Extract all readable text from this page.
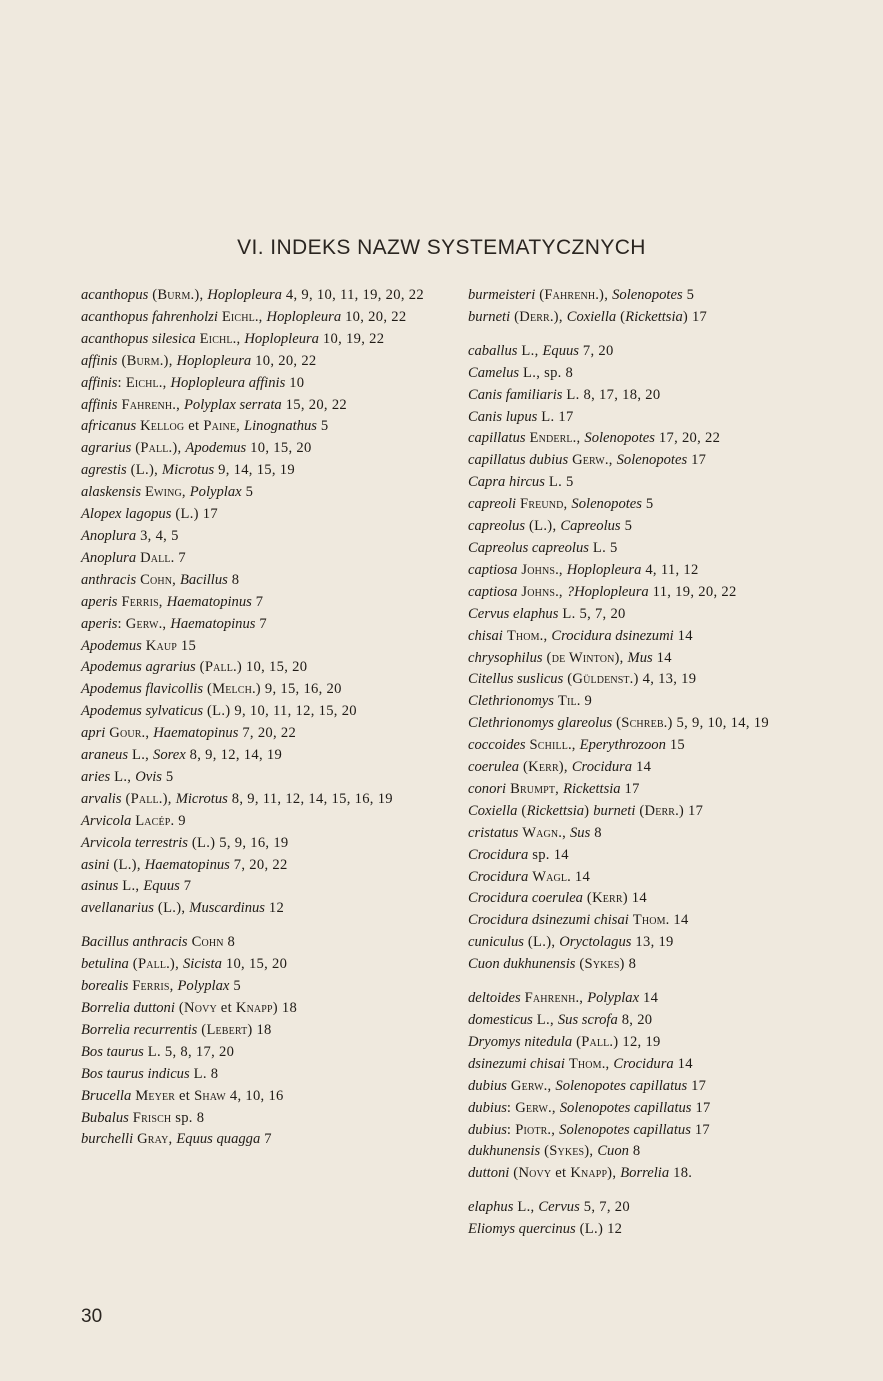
VI. INDEKS NAZW SYSTEMATYCZNYCH
acanthopus (Burm.), Hoplopleura 4, 9, 10, 11, 19, 20, 22
acanthopus fahrenholzi Eichl., Hoplopleura 10, 20, 22
acanthopus silesica Eichl., Hoplopleura 10, 19, 22
affinis (Burm.), Hoplopleura 10, 20, 22
affinis: Eichl., Hoplopleura affinis 10
affinis Fahrenh., Polyplax serrata 15, 20, 22
africanus Kellog et Paine, Linognathus 5
agrarius (Pall.), Apodemus 10, 15, 20
agrestis (L.), Microtus 9, 14, 15, 19
alaskensis Ewing, Polyplax 5
Alopex lagopus (L.) 17
Anoplura 3, 4, 5
Anoplura Dall. 7
anthracis Cohn, Bacillus 8
aperis Ferris, Haematopinus 7
aperis: Gerw., Haematopinus 7
Apodemus Kaup 15
Apodemus agrarius (Pall.) 10, 15, 20
Apodemus flavicollis (Melch.) 9, 15, 16, 20
Apodemus sylvaticus (L.) 9, 10, 11, 12, 15, 20
apri Gour., Haematopinus 7, 20, 22
araneus L., Sorex 8, 9, 12, 14, 19
aries L., Ovis 5
arvalis (Pall.), Microtus 8, 9, 11, 12, 14, 15, 16, 19
Arvicola Lacép. 9
Arvicola terrestris (L.) 5, 9, 16, 19
asini (L.), Haematopinus 7, 20, 22
asinus L., Equus 7
avellanarius (L.), Muscardinus 12
Bacillus anthracis Cohn 8
betulina (Pall.), Sicista 10, 15, 20
borealis Ferris, Polyplax 5
Borrelia duttoni (Novy et Knapp) 18
Borrelia recurrentis (Lebert) 18
Bos taurus L. 5, 8, 17, 20
Bos taurus indicus L. 8
Brucella Meyer et Shaw 4, 10, 16
Bubalus Frisch sp. 8
burchelli Gray, Equus quagga 7
burmeisteri (Fahrenh.), Solenopotes 5
burneti (Derr.), Coxiella (Rickettsia) 17
caballus L., Equus 7, 20
Camelus L., sp. 8
Canis familiaris L. 8, 17, 18, 20
Canis lupus L. 17
capillatus Enderl., Solenopotes 17, 20, 22
capillatus dubius Gerw., Solenopotes 17
Capra hircus L. 5
capreoli Freund, Solenopotes 5
capreolus (L.), Capreolus 5
Capreolus capreolus L. 5
captiosa Johns., Hoplopleura 4, 11, 12
captiosa Johns., ?Hoplopleura 11, 19, 20, 22
Cervus elaphus L. 5, 7, 20
chisai Thom., Crocidura dsinezumi 14
chrysophilus (de Winton), Mus 14
Citellus suslicus (Güldenst.) 4, 13, 19
Clethrionomys Til. 9
Clethrionomys glareolus (Schreb.) 5, 9, 10, 14, 19
coccoides Schill., Eperythrozoon 15
coerulea (Kerr), Crocidura 14
conori Brumpt, Rickettsia 17
Coxiella (Rickettsia) burneti (Derr.) 17
cristatus Wagn., Sus 8
Crocidura sp. 14
Crocidura Wagl. 14
Crocidura coerulea (Kerr) 14
Crocidura dsinezumi chisai Thom. 14
cuniculus (L.), Oryctolagus 13, 19
Cuon dukhunensis (Sykes) 8
deltoides Fahrenh., Polyplax 14
domesticus L., Sus scrofa 8, 20
Dryomys nitedula (Pall.) 12, 19
dsinezumi chisai Thom., Crocidura 14
dubius Gerw., Solenopotes capillatus 17
dubius: Gerw., Solenopotes capillatus 17
dubius: Piotr., Solenopotes capillatus 17
dukhunensis (Sykes), Cuon 8
duttoni (Novy et Knapp), Borrelia 18.
elaphus L., Cervus 5, 7, 20
Eliomys quercinus (L.) 12
30
